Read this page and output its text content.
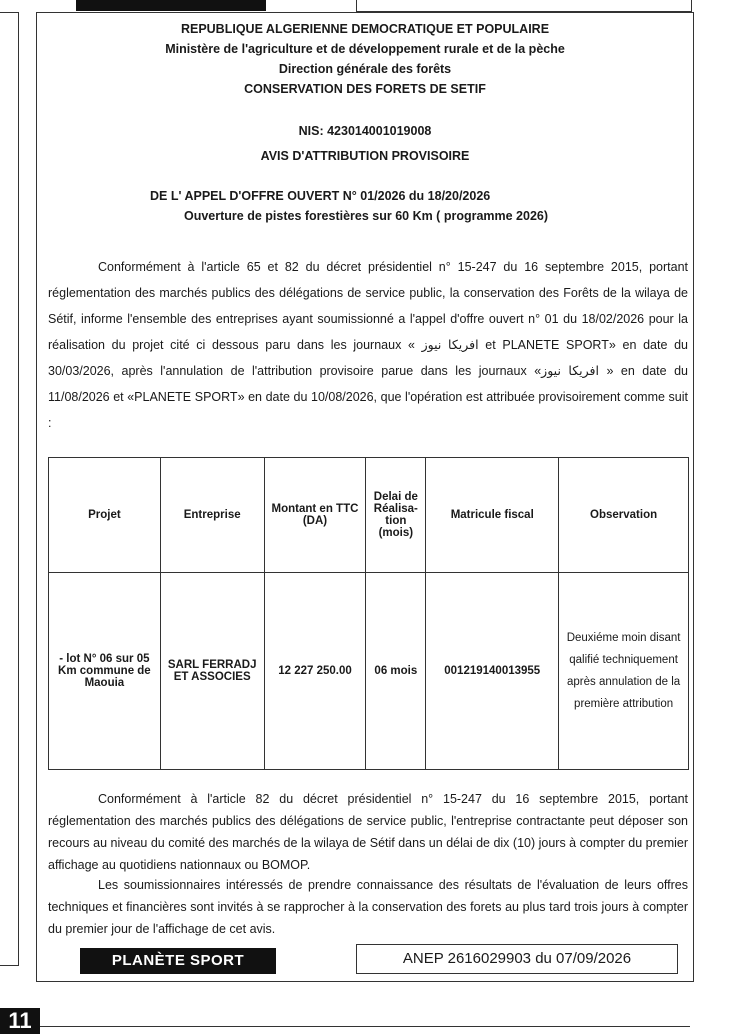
REPUBLIQUE ALGERIENNE DEMOCRATIQUE ET POPULAIRE
Ministère de l'agriculture et de développement rurale et de la pèche
Direction générale des forêts
CONSERVATION DES FORETS DE SETIF
NIS: 423014001019008
AVIS D'ATTRIBUTION PROVISOIRE
DE L' APPEL D'OFFRE OUVERT N° 01/2026 du 18/20/2026
Ouverture de pistes forestières sur 60 Km ( programme 2026)

Conformément à l'article 65 et 82 du décret présidentiel n° 15-247 du 16 septembre 2015, portant réglementation des marchés publics des délégations de service public, la conservation des Forêts de la wilaya de Sétif, informe l'ensemble des entreprises ayant soumissionné a l'appel d'offre ouvert n° 01 du 18/02/2026 pour la réalisation du projet cité ci dessous paru dans les journaux « افريكا نيوز et PLANETE SPORT» en date du 30/03/2026, après l'annulation de l'attribution provisoire parue dans les journaux «افريكا نيوز » en date du 11/08/2026 et «PLANETE SPORT» en date du 10/08/2026, que l'opération est attribuée provisoirement comme suit :

Projet	Entreprise	Montant en TTC (DA)	Delai de Réalisa-tion (mois)	Matricule fiscal	Observation
- lot N° 06 sur 05 Km commune de Maouia	SARL FERRADJ ET ASSOCIES	12 227 250.00	06 mois	001219140013955	Deuxiéme moin disant qalifié techniquement après annulation de la première attribution

Conformément à l'article 82 du décret présidentiel n° 15-247 du 16 septembre 2015, portant réglementation des marchés publics des délégations de service public, l'entreprise contractante peut déposer son recours au niveau du comité des marchés de la wilaya de Sétif dans un délai de dix (10) jours à compter du premier affichage au quotidiens nationnaux ou BOMOP.

Les soumissionnaires intéressés de prendre connaissance des résultats de l'évaluation de leurs offres techniques et financières sont invités à se rapprocher à la conservation des forets au plus tard trois jours à compter du premier jour de l'affichage de cet avis.

PLANÈTE SPORT	ANEP 2616029903 du 07/09/2026
11
